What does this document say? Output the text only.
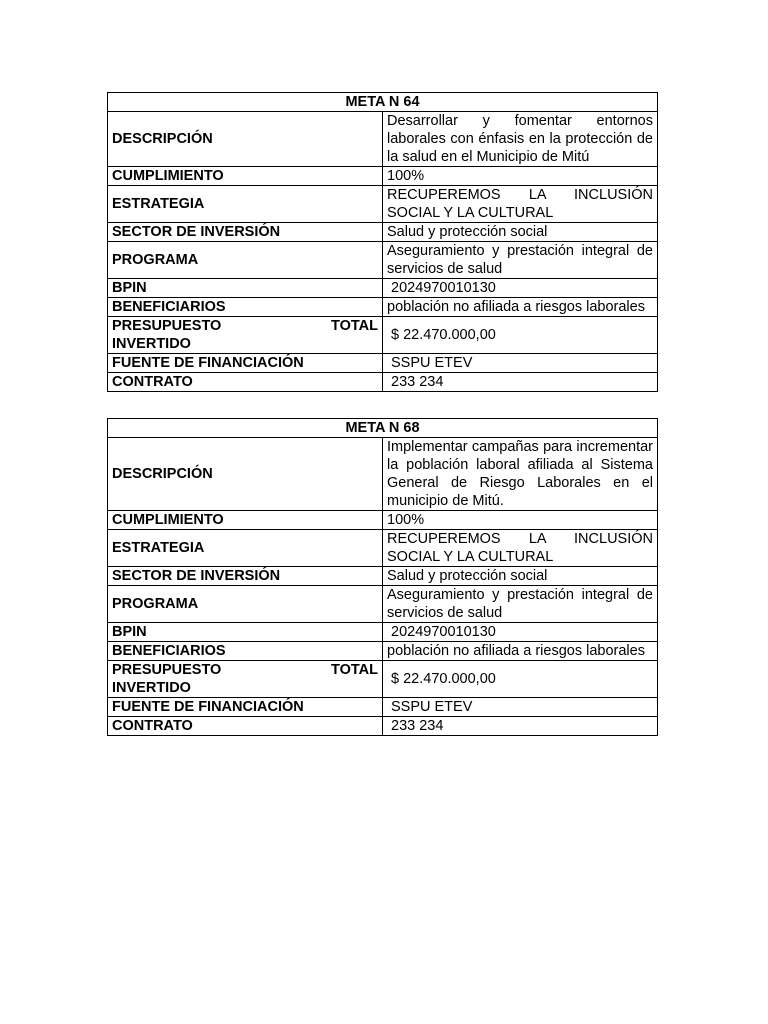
META N 64	
DESCRIPCIÓN	Desarrollar y fomentar entornos laborales con énfasis en la protección de la salud en el Municipio de Mitú
CUMPLIMIENTO	100%
ESTRATEGIA	RECUPEREMOS LA INCLUSIÓN SOCIAL Y LA CULTURAL
SECTOR DE INVERSIÓN	Salud y protección social
PROGRAMA	Aseguramiento y prestación integral de servicios de salud
BPIN	2024970010130
BENEFICIARIOS	población no afiliada a riesgos laborales

PRESUPUESTO TOTAL
INVERTIDO	$ 22.470.000,00
FUENTE DE FINANCIACIÓN	SSPU ETEV
CONTRATO	233 234
META N 68	
DESCRIPCIÓN	Implementar campañas para incrementar la población laboral afiliada al Sistema General de Riesgo Laborales en el municipio de Mitú.
CUMPLIMIENTO	100%
ESTRATEGIA	RECUPEREMOS LA INCLUSIÓN SOCIAL Y LA CULTURAL
SECTOR DE INVERSIÓN	Salud y protección social
PROGRAMA	Aseguramiento y prestación integral de servicios de salud
BPIN	2024970010130
BENEFICIARIOS	población no afiliada a riesgos laborales

PRESUPUESTO TOTAL
INVERTIDO	$ 22.470.000,00
FUENTE DE FINANCIACIÓN	SSPU ETEV
CONTRATO	233 234
